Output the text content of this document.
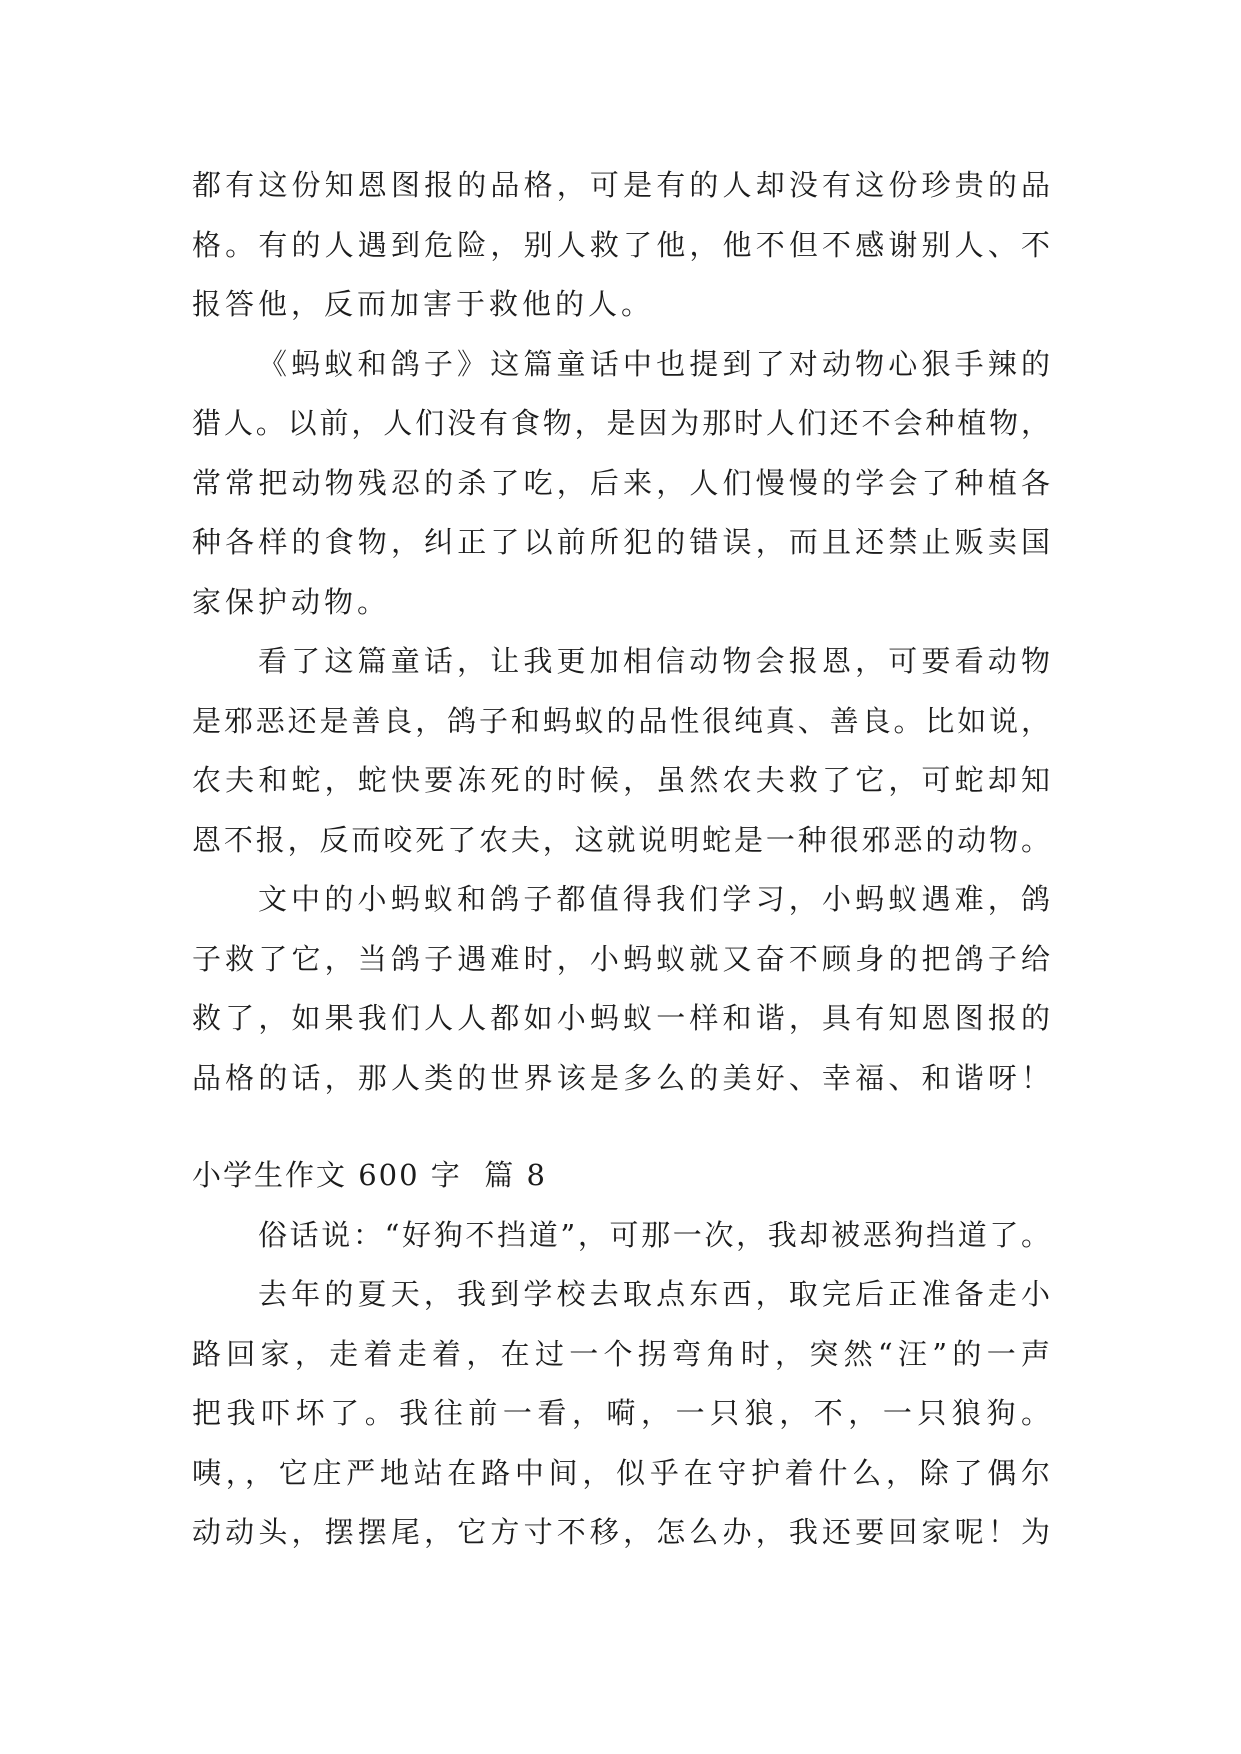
都有这份知恩图报的品格，可是有的人却没有这份珍贵的品
格。有的人遇到危险，别人救了他，他不但不感谢别人、不
报答他，反而加害于救他的人。
《蚂蚁和鸽子》这篇童话中也提到了对动物心狠手辣的
猎人。以前，人们没有食物，是因为那时人们还不会种植物，
常常把动物残忍的杀了吃，后来，人们慢慢的学会了种植各
种各样的食物，纠正了以前所犯的错误，而且还禁止贩卖国
家保护动物。
看了这篇童话，让我更加相信动物会报恩，可要看动物
是邪恶还是善良，鸽子和蚂蚁的品性很纯真、善良。比如说，
农夫和蛇，蛇快要冻死的时候，虽然农夫救了它，可蛇却知
恩不报，反而咬死了农夫，这就说明蛇是一种很邪恶的动物。
文中的小蚂蚁和鸽子都值得我们学习，小蚂蚁遇难，鸽
子救了它，当鸽子遇难时，小蚂蚁就又奋不顾身的把鸽子给
救了，如果我们人人都如小蚂蚁一样和谐，具有知恩图报的
品格的话，那人类的世界该是多么的美好、幸福、和谐呀！
小学生作文 600 字  篇 8
俗话说：“好狗不挡道”，可那一次，我却被恶狗挡道了。
去年的夏天，我到学校去取点东西，取完后正准备走小
路回家，走着走着，在过一个拐弯角时，突然“汪”的一声
把我吓坏了。我往前一看，嗬，一只狼，不，一只狼狗。
咦，，它庄严地站在路中间，似乎在守护着什么，除了偶尔
动动头，摆摆尾，它方寸不移，怎么办，我还要回家呢！为
